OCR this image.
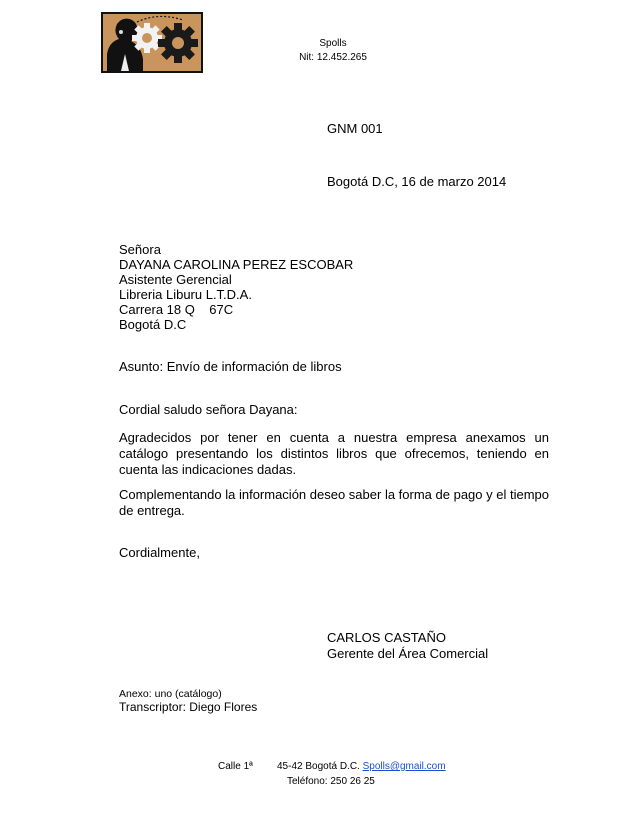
Spolls
Nit: 12.452.265
GNM 001
Bogotá D.C, 16 de marzo 2014
Señora
DAYANA CAROLINA PEREZ ESCOBAR
Asistente Gerencial
Libreria Liburu L.T.D.A.
Carrera 18 Q    67C
Bogotá D.C
Asunto: Envío de información de libros
Cordial saludo señora Dayana:
Agradecidos por tener en cuenta a nuestra empresa anexamos un catálogo presentando los distintos libros que ofrecemos, teniendo en cuenta las indicaciones dadas.
Complementando la información deseo saber la forma de pago y el tiempo de entrega.
Cordialmente,
CARLOS CASTAÑO
Gerente del Área Comercial
Anexo: uno (catálogo)
Transcriptor: Diego Flores
Calle 1ª 45-42 Bogotá D.C. Spolls@gmail.com
Teléfono: 250 26 25
